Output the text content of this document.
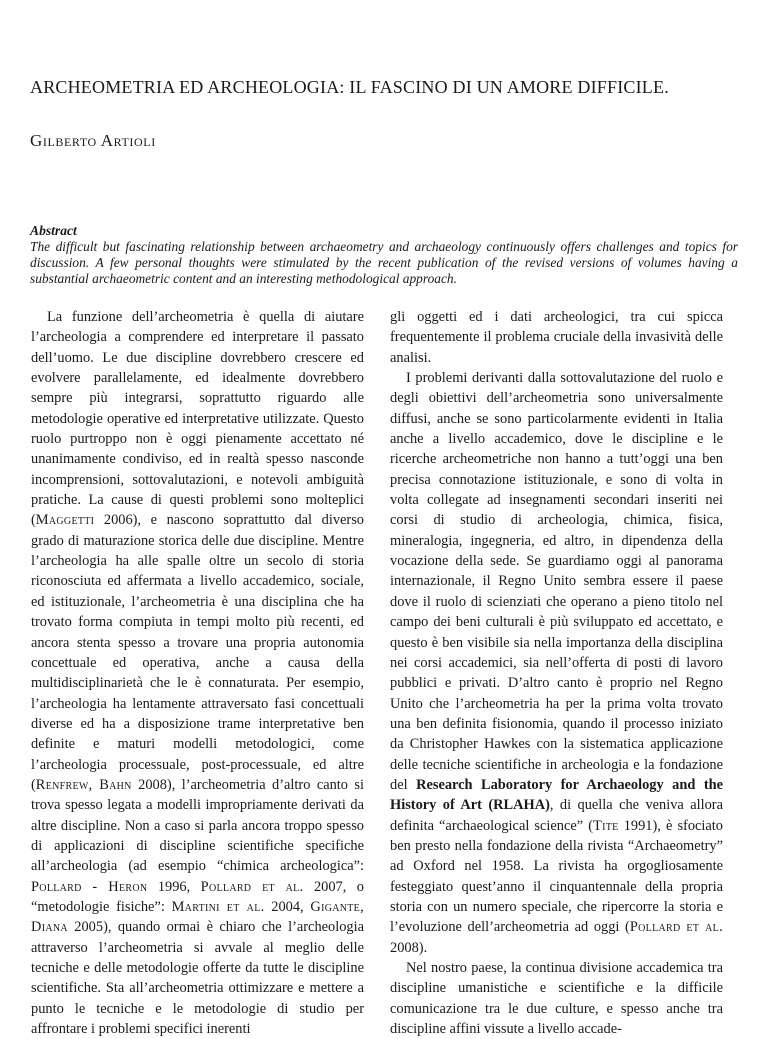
ARCHEOMETRIA ED ARCHEOLOGIA: IL FASCINO DI UN AMORE DIFFICILE.
Gilberto Artioli
Abstract

The difficult but fascinating relationship between archaeometry and archaeology continuously offers challenges and topics for discussion. A few personal thoughts were stimulated by the recent publication of the revised versions of volumes having a substantial archaeometric content and an interesting methodological approach.

La funzione dell’archeometria è quella di aiutare l’archeologia a comprendere ed interpretare il passato dell’uomo. Le due discipline dovrebbero crescere ed evolvere parallelamente, ed idealmente dovrebbero sempre più integrarsi, soprattutto riguardo alle metodologie operative ed interpretative utilizzate. Questo ruolo purtroppo non è oggi pienamente accettato né unanimamente condiviso, ed in realtà spesso nasconde incomprensioni, sottovalutazioni, e notevoli ambiguità pratiche. La cause di questi problemi sono molteplici (Maggetti 2006), e nascono soprattutto dal diverso grado di maturazione storica delle due discipline. Mentre l’archeologia ha alle spalle oltre un secolo di storia riconosciuta ed affermata a livello accademico, sociale, ed istituzionale, l’archeometria è una disciplina che ha trovato forma compiuta in tempi molto più recenti, ed ancora stenta spesso a trovare una propria autonomia concettuale ed operativa, anche a causa della multidisciplinarietà che le è connaturata. Per esempio, l’archeologia ha lentamente attraversato fasi concettuali diverse ed ha a disposizione trame interpretative ben definite e maturi modelli metodologici, come l’archeologia processuale, post-processuale, ed altre (Renfrew, Bahn 2008), l’archeometria d’altro canto si trova spesso legata a modelli impropriamente derivati da altre discipline. Non a caso si parla ancora troppo spesso di applicazioni di discipline scientifiche specifiche all’archeologia (ad esempio “chimica archeologica”: Pollard - Heron 1996, Pollard et al. 2007, o “metodologie fisiche”: Martini et al. 2004, Gigante, Diana 2005), quando ormai è chiaro che l’archeologia attraverso l’archeometria si avvale al meglio delle tecniche e delle metodologie offerte da tutte le discipline scientifiche. Sta all’archeometria ottimizzare e mettere a punto le tecniche e le metodologie di studio per affrontare i problemi specifici inerenti

gli oggetti ed i dati archeologici, tra cui spicca frequentemente il problema cruciale della invasività delle analisi.

I problemi derivanti dalla sottovalutazione del ruolo e degli obiettivi dell’archeometria sono universalmente diffusi, anche se sono particolarmente evidenti in Italia anche a livello accademico, dove le discipline e le ricerche archeometriche non hanno a tutt’oggi una ben precisa connotazione istituzionale, e sono di volta in volta collegate ad insegnamenti secondari inseriti nei corsi di studio di archeologia, chimica, fisica, mineralogia, ingegneria, ed altro, in dipendenza della vocazione della sede. Se guardiamo oggi al panorama internazionale, il Regno Unito sembra essere il paese dove il ruolo di scienziati che operano a pieno titolo nel campo dei beni culturali è più sviluppato ed accettato, e questo è ben visibile sia nella importanza della disciplina nei corsi accademici, sia nell’offerta di posti di lavoro pubblici e privati. D’altro canto è proprio nel Regno Unito che l’archeometria ha per la prima volta trovato una ben definita fisionomia, quando il processo iniziato da Christopher Hawkes con la sistematica applicazione delle tecniche scientifiche in archeologia e la fondazione del Research Laboratory for Archaeology and the History of Art (RLAHA), di quella che veniva allora definita “archaeological science” (Tite 1991), è sfociato ben presto nella fondazione della rivista “Archaeometry” ad Oxford nel 1958. La rivista ha orgogliosamente festeggiato quest’anno il cinquantennale della propria storia con un numero speciale, che ripercorre la storia e l’evoluzione dell’archeometria ad oggi (Pollard et al. 2008).

Nel nostro paese, la continua divisione accademica tra discipline umanistiche e scientifiche e la difficile comunicazione tra le due culture, e spesso anche tra discipline affini vissute a livello accade-
